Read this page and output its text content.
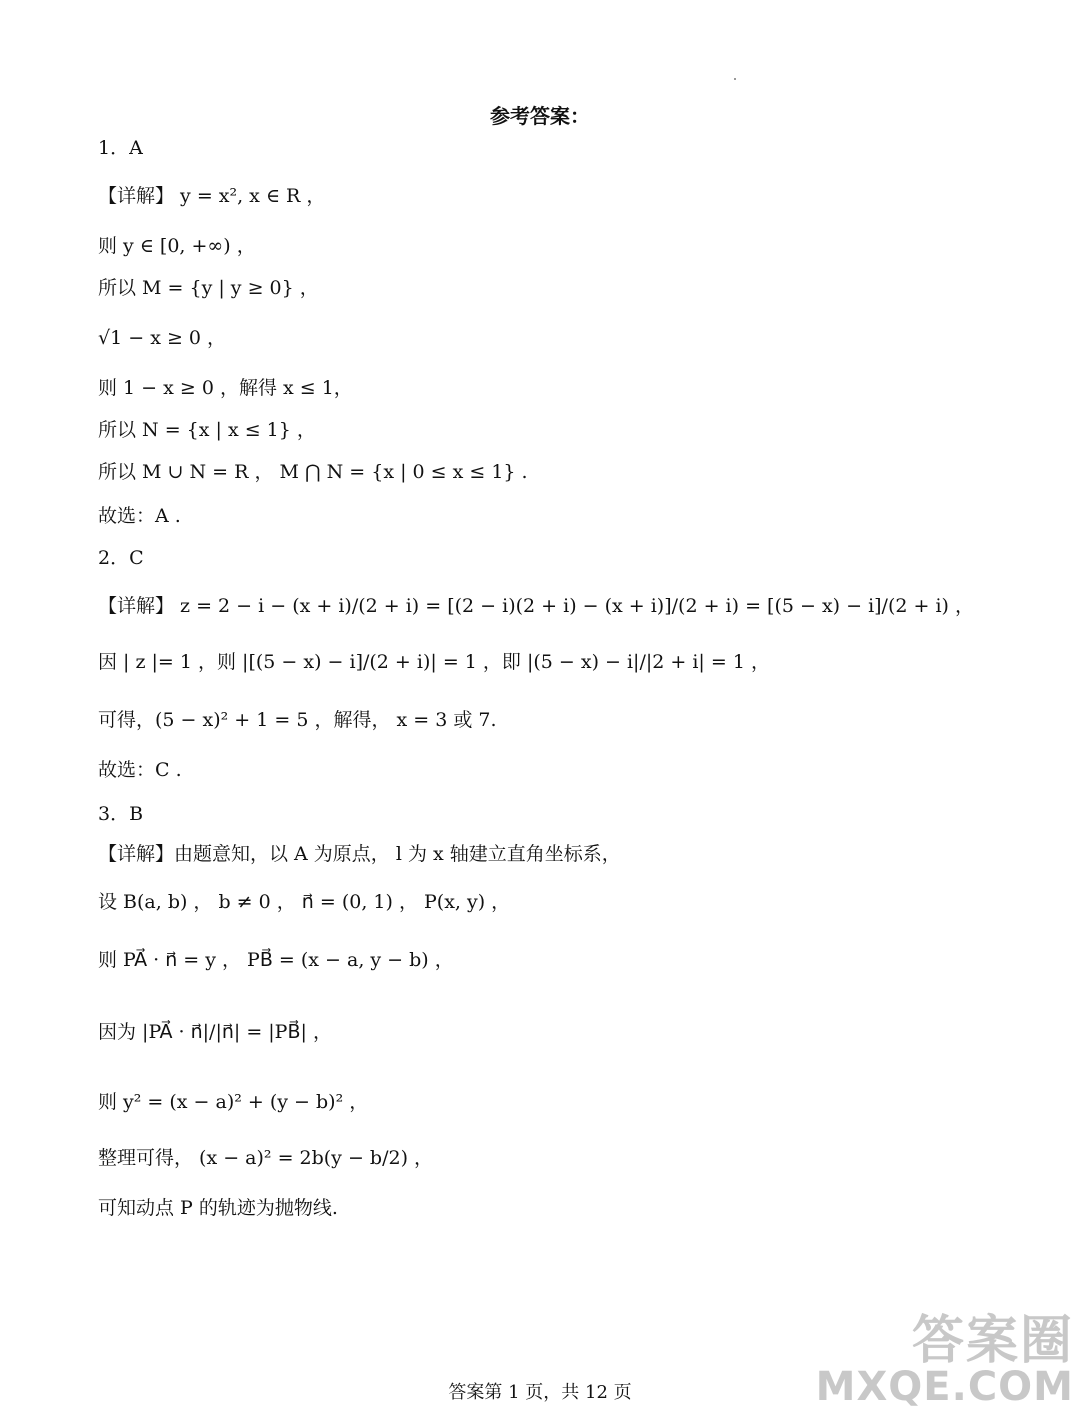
参考答案：
1．A
【详解】 y = x², x ∈ R ，
则 y ∈ [0, +∞) ，
所以 M = {y | y ≥ 0} ，
√1 − x ≥ 0 ，
则 1 − x ≥ 0 ，解得 x ≤ 1，
所以 N = {x | x ≤ 1} ，
所以 M ∪ N = R ， M ⋂ N = {x | 0 ≤ x ≤ 1} .
故选：A .
2．C
【详解】 z = 2 − i − (x + i)/(2 + i) = [(2 − i)(2 + i) − (x + i)]/(2 + i) = [(5 − x) − i]/(2 + i) ，
因 | z |= 1 ，则 |[(5 − x) − i]/(2 + i)| = 1 ，即 |(5 − x) − i|/|2 + i| = 1 ，
可得，(5 − x)² + 1 = 5 ，解得， x = 3 或 7.
故选：C .
3．B
【详解】由题意知，以 A 为原点， l 为 x 轴建立直角坐标系，
设 B(a, b) ， b ≠ 0 ， n⃗ = (0, 1) ， P(x, y) ，
则 PA⃗ · n⃗ = y ， PB⃗ = (x − a, y − b) ，
因为 |PA⃗ · n⃗|/|n⃗| = |PB⃗| ，
则 y² = (x − a)² + (y − b)² ，
整理可得， (x − a)² = 2b(y − b/2) ，
可知动点 P 的轨迹为抛物线.
答案第 1 页，共 12 页
答案圈
MXQE.COM
